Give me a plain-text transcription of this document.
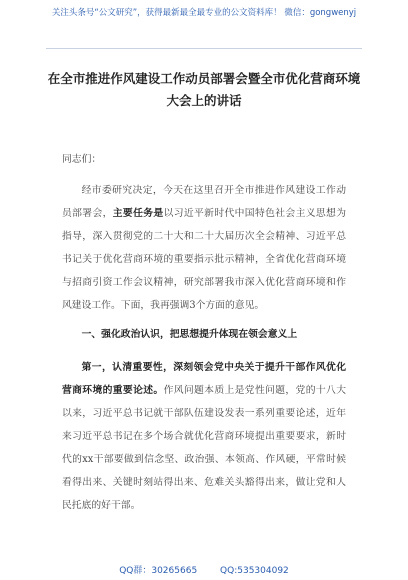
关注头条号“公文研究”，获得最新最全最专业的公文资料库！ 微信：gongwenyj
在全市推进作风建设工作动员部署会暨全市优化营商环境
大会上的讲话

同志们：

经市委研究决定，今天在这里召开全市推进作风建设工作动员部署会，主要任务是以习近平新时代中国特色社会主义思想为指导，深入贯彻党的二十大和二十大届历次全会精神、习近平总书记关于优化营商环境的重要指示批示精神，全省优化营商环境与招商引资工作会议精神，研究部署我市深入优化营商环境和作风建设工作。下面，我再强调3个方面的意见。

一、强化政治认识，把思想提升体现在领会意义上

第一，认清重要性，深刻领会党中央关于提升干部作风优化营商环境的重要论述。作风问题本质上是党性问题，党的十八大以来，习近平总书记就干部队伍建设发表一系列重要论述，近年来习近平总书记在多个场合就优化营商环境提出重要要求，新时代的xx干部要做到信念坚、政治强、本领高、作风硬，平常时候看得出来、关键时刻站得出来、危难关头豁得出来，做让党和人民托底的好干部。

QQ群：30265665	QQ:535304092
